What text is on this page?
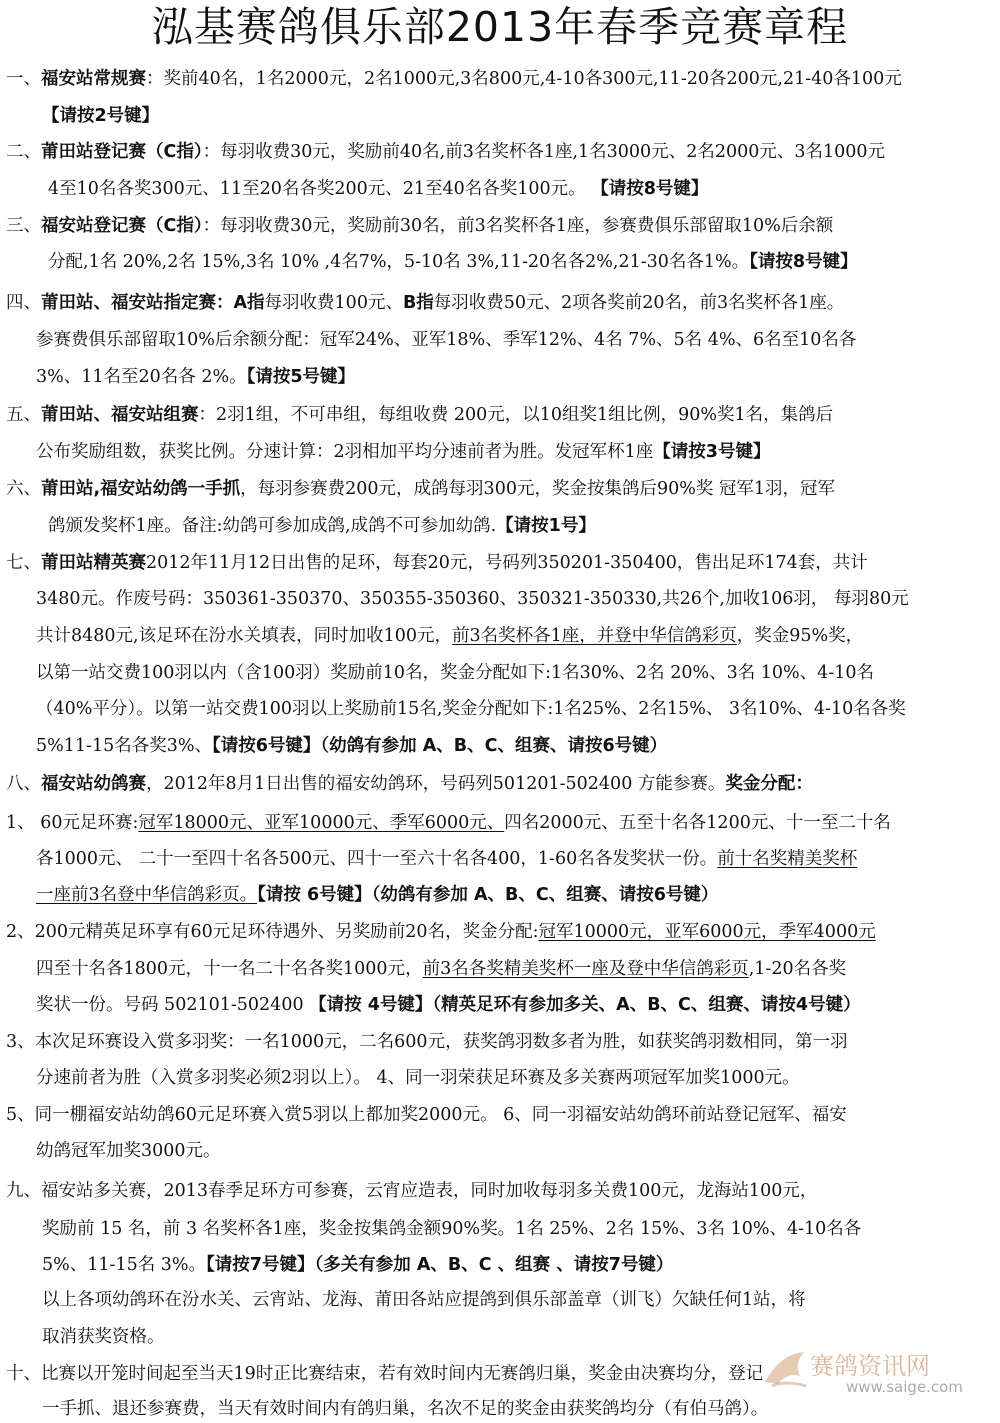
泓基赛鸽俱乐部2013年春季竞赛章程
一、福安站常规赛：奖前40名，1名2000元，2名1000元,3名800元,4-10各300元,11-20各200元,21-40各100元
【请按2号键】
二、莆田站登记赛（C指）：每羽收费30元，奖励前40名,前3名奖杯各1座,1名3000元、2名2000元、3名1000元
4至10名各奖300元、11至20名各奖200元、21至40名各奖100元。 【请按8号键】
三、福安站登记赛（C指）：每羽收费30元，奖励前30名，前3名奖杯各1座，参赛费俱乐部留取10%后余额
分配,1名 20%,2名 15%,3名 10% ,4名7%，5-10名 3%,11-20名各2%,21-30名各1%。【请按8号键】
四、莆田站、福安站指定赛：A指每羽收费100元、B指每羽收费50元、2项各奖前20名，前3名奖杯各1座。
参赛费俱乐部留取10%后余额分配：冠军24%、亚军18%、季军12%、4名 7%、5名 4%、6名至10名各
3%、11名至20名各 2%。【请按5号键】
五、莆田站、福安站组赛：2羽1组，不可串组，每组收费 200元，以10组奖1组比例，90%奖1名，集鸽后
公布奖励组数，获奖比例。分速计算：2羽相加平均分速前者为胜。发冠军杯1座【请按3号键】
六、莆田站,福安站幼鸽一手抓，每羽参赛费200元，成鸽每羽300元，奖金按集鸽后90%奖 冠军1羽，冠军
鸽颁发奖杯1座。备注:幼鸽可参加成鸽,成鸽不可参加幼鸽.【请按1号】
七、莆田站精英赛2012年11月12日出售的足环，每套20元，号码列350201-350400，售出足环174套，共计
3480元。作废号码：350361-350370、350355-350360、350321-350330,共26个,加收106羽， 每羽80元
共计8480元,该足环在汾水关填表，同时加收100元，前3名奖杯各1座，并登中华信鸽彩页，奖金95%奖，
以第一站交费100羽以内（含100羽）奖励前10名，奖金分配如下:1名30%、2名 20%、3名 10%、4-10名
（40%平分）。以第一站交费100羽以上奖励前15名,奖金分配如下:1名25%、2名15%、 3名10%、4-10名各奖
5%11-15名各奖3%、【请按6号键】（幼鸽有参加 A、B、C、组赛、请按6号键）
八、福安站幼鸽赛，2012年8月1日出售的福安幼鸽环，号码列501201-502400 方能参赛。奖金分配：
1、 60元足环赛:冠军18000元、亚军10000元、季军6000元、四名2000元、五至十名各1200元、十一至二十名
各1000元、 二十一至四十名各500元、四十一至六十名各400，1-60名各发奖状一份。前十名奖精美奖杯
一座前3名登中华信鸽彩页。【请按 6号键】（幼鸽有参加 A、B、C、组赛、请按6号键）
2、200元精英足环享有60元足环待遇外、另奖励前20名，奖金分配:冠军10000元，亚军6000元，季军4000元
四至十名各1800元，十一名二十名各奖1000元，前3名各奖精美奖杯一座及登中华信鸽彩页,1-20名各奖
奖状一份。号码 502101-502400 【请按 4号键】（精英足环有参加多关、A、B、C、组赛、请按4号键）
3、本次足环赛设入赏多羽奖：一名1000元，二名600元，获奖鸽羽数多者为胜，如获奖鸽羽数相同，第一羽
分速前者为胜（入赏多羽奖必须2羽以上）。 4、同一羽荣获足环赛及多关赛两项冠军加奖1000元。
5、同一棚福安站幼鸽60元足环赛入赏5羽以上都加奖2000元。 6、同一羽福安站幼鸽环前站登记冠军、福安
幼鸽冠军加奖3000元。
九、福安站多关赛，2013春季足环方可参赛，云宵应造表，同时加收每羽多关费100元，龙海站100元，
奖励前 15 名，前 3 名奖杯各1座，奖金按集鸽金额90%奖。1名 25%、2名 15%、3名 10%、4-10名各
5%、11-15名 3%。【请按7号键】（多关有参加 A、B、C 、组赛 、请按7号键）
以上各项幼鸽环在汾水关、云宵站、龙海、莆田各站应提鸽到俱乐部盖章（训飞）欠缺任何1站，将
取消获奖资格。
十、比赛以开笼时间起至当天19时正比赛结束，若有效时间内无赛鸽归巢，奖金由决赛均分，登记
一手抓、退还参赛费，当天有效时间内有鸽归巢，名次不足的奖金由获奖鸽均分（有伯马鸽）。
赛鸽资讯网
www.saige.com
